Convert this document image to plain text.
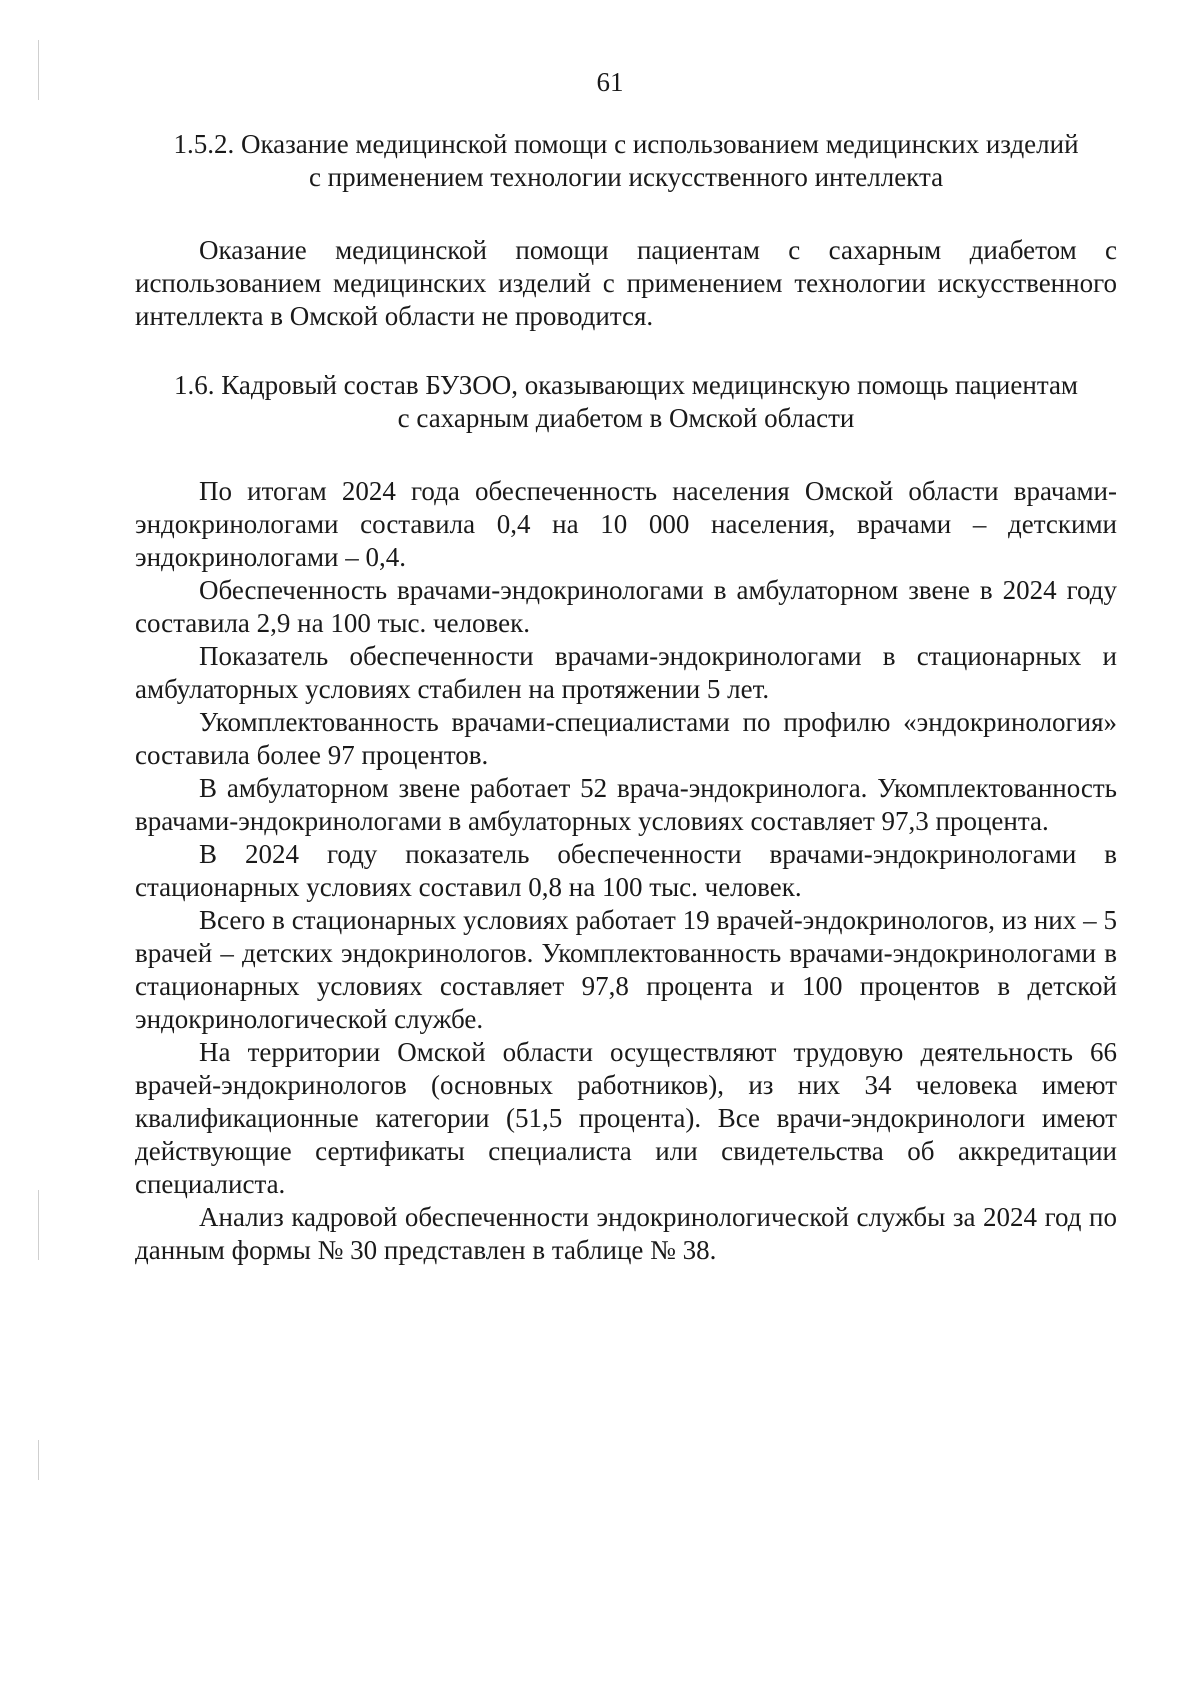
61

1.5.2. Оказание медицинской помощи с использованием медицинских изделий
с применением технологии искусственного интеллекта

Оказание медицинской помощи пациентам с сахарным диабетом с использованием медицинских изделий с применением технологии искусственного интеллекта в Омской области не проводится.

1.6. Кадровый состав БУЗОО, оказывающих медицинскую помощь пациентам
с сахарным диабетом в Омской области

По итогам 2024 года обеспеченность населения Омской области врачами-эндокринологами составила 0,4 на 10 000 населения, врачами – детскими эндокринологами – 0,4.

Обеспеченность врачами-эндокринологами в амбулаторном звене в 2024 году составила 2,9 на 100 тыс. человек.

Показатель обеспеченности врачами-эндокринологами в стационарных и амбулаторных условиях стабилен на протяжении 5 лет.

Укомплектованность врачами-специалистами по профилю «эндокринология» составила более 97 процентов.

В амбулаторном звене работает 52 врача-эндокринолога. Укомплектованность врачами-эндокринологами в амбулаторных условиях составляет 97,3 процента.

В 2024 году показатель обеспеченности врачами-эндокринологами в стационарных условиях составил 0,8 на 100 тыс. человек.

Всего в стационарных условиях работает 19 врачей-эндокринологов, из них – 5 врачей – детских эндокринологов. Укомплектованность врачами-эндокринологами в стационарных условиях составляет 97,8 процента и 100 процентов в детской эндокринологической службе.

На территории Омской области осуществляют трудовую деятельность 66 врачей-эндокринологов (основных работников), из них 34 человека имеют квалификационные категории (51,5 процента). Все врачи-эндокринологи имеют действующие сертификаты специалиста или свидетельства об аккредитации специалиста.

Анализ кадровой обеспеченности эндокринологической службы за 2024 год по данным формы № 30 представлен в таблице № 38.
